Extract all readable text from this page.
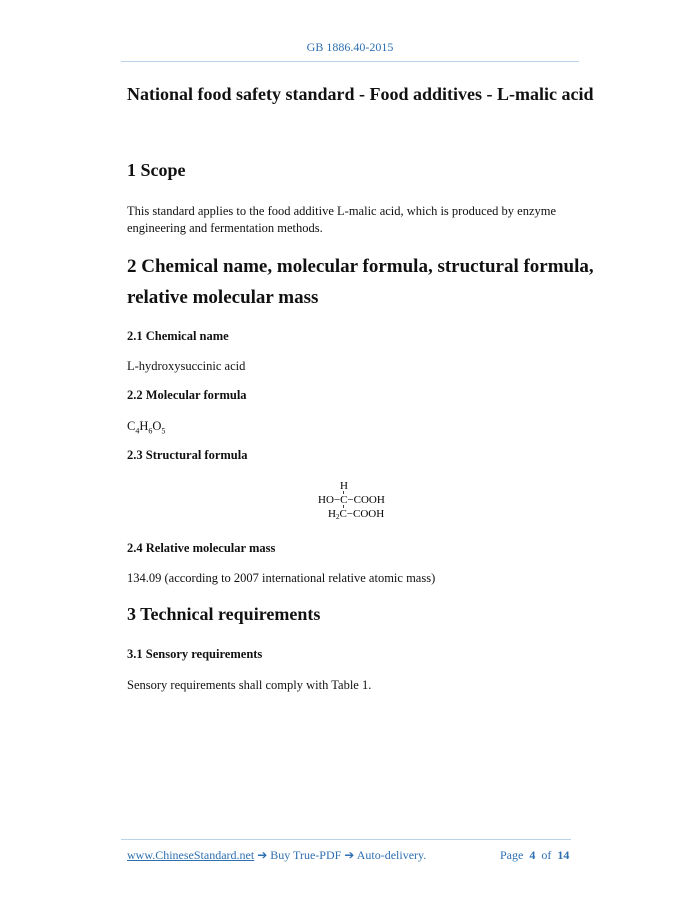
GB 1886.40-2015
National food safety standard - Food additives - L-malic acid
1 Scope

This standard applies to the food additive L-malic acid, which is produced by enzyme engineering and fermentation methods.

2 Chemical name, molecular formula, structural formula,
relative molecular mass
2.1 Chemical name

L-hydroxysuccinic acid

2.2 Molecular formula

$C_4H_6O_5$

2.3 Structural formula
H
HO−C−COOH
H2C−COOH
2.4 Relative molecular mass

134.09 (according to 2007 international relative atomic mass)

3 Technical requirements
3.1 Sensory requirements

Sensory requirements shall comply with Table 1.

www.ChineseStandard.net ➔ Buy True-PDF ➔ Auto-delivery.	Page 4 of 14
